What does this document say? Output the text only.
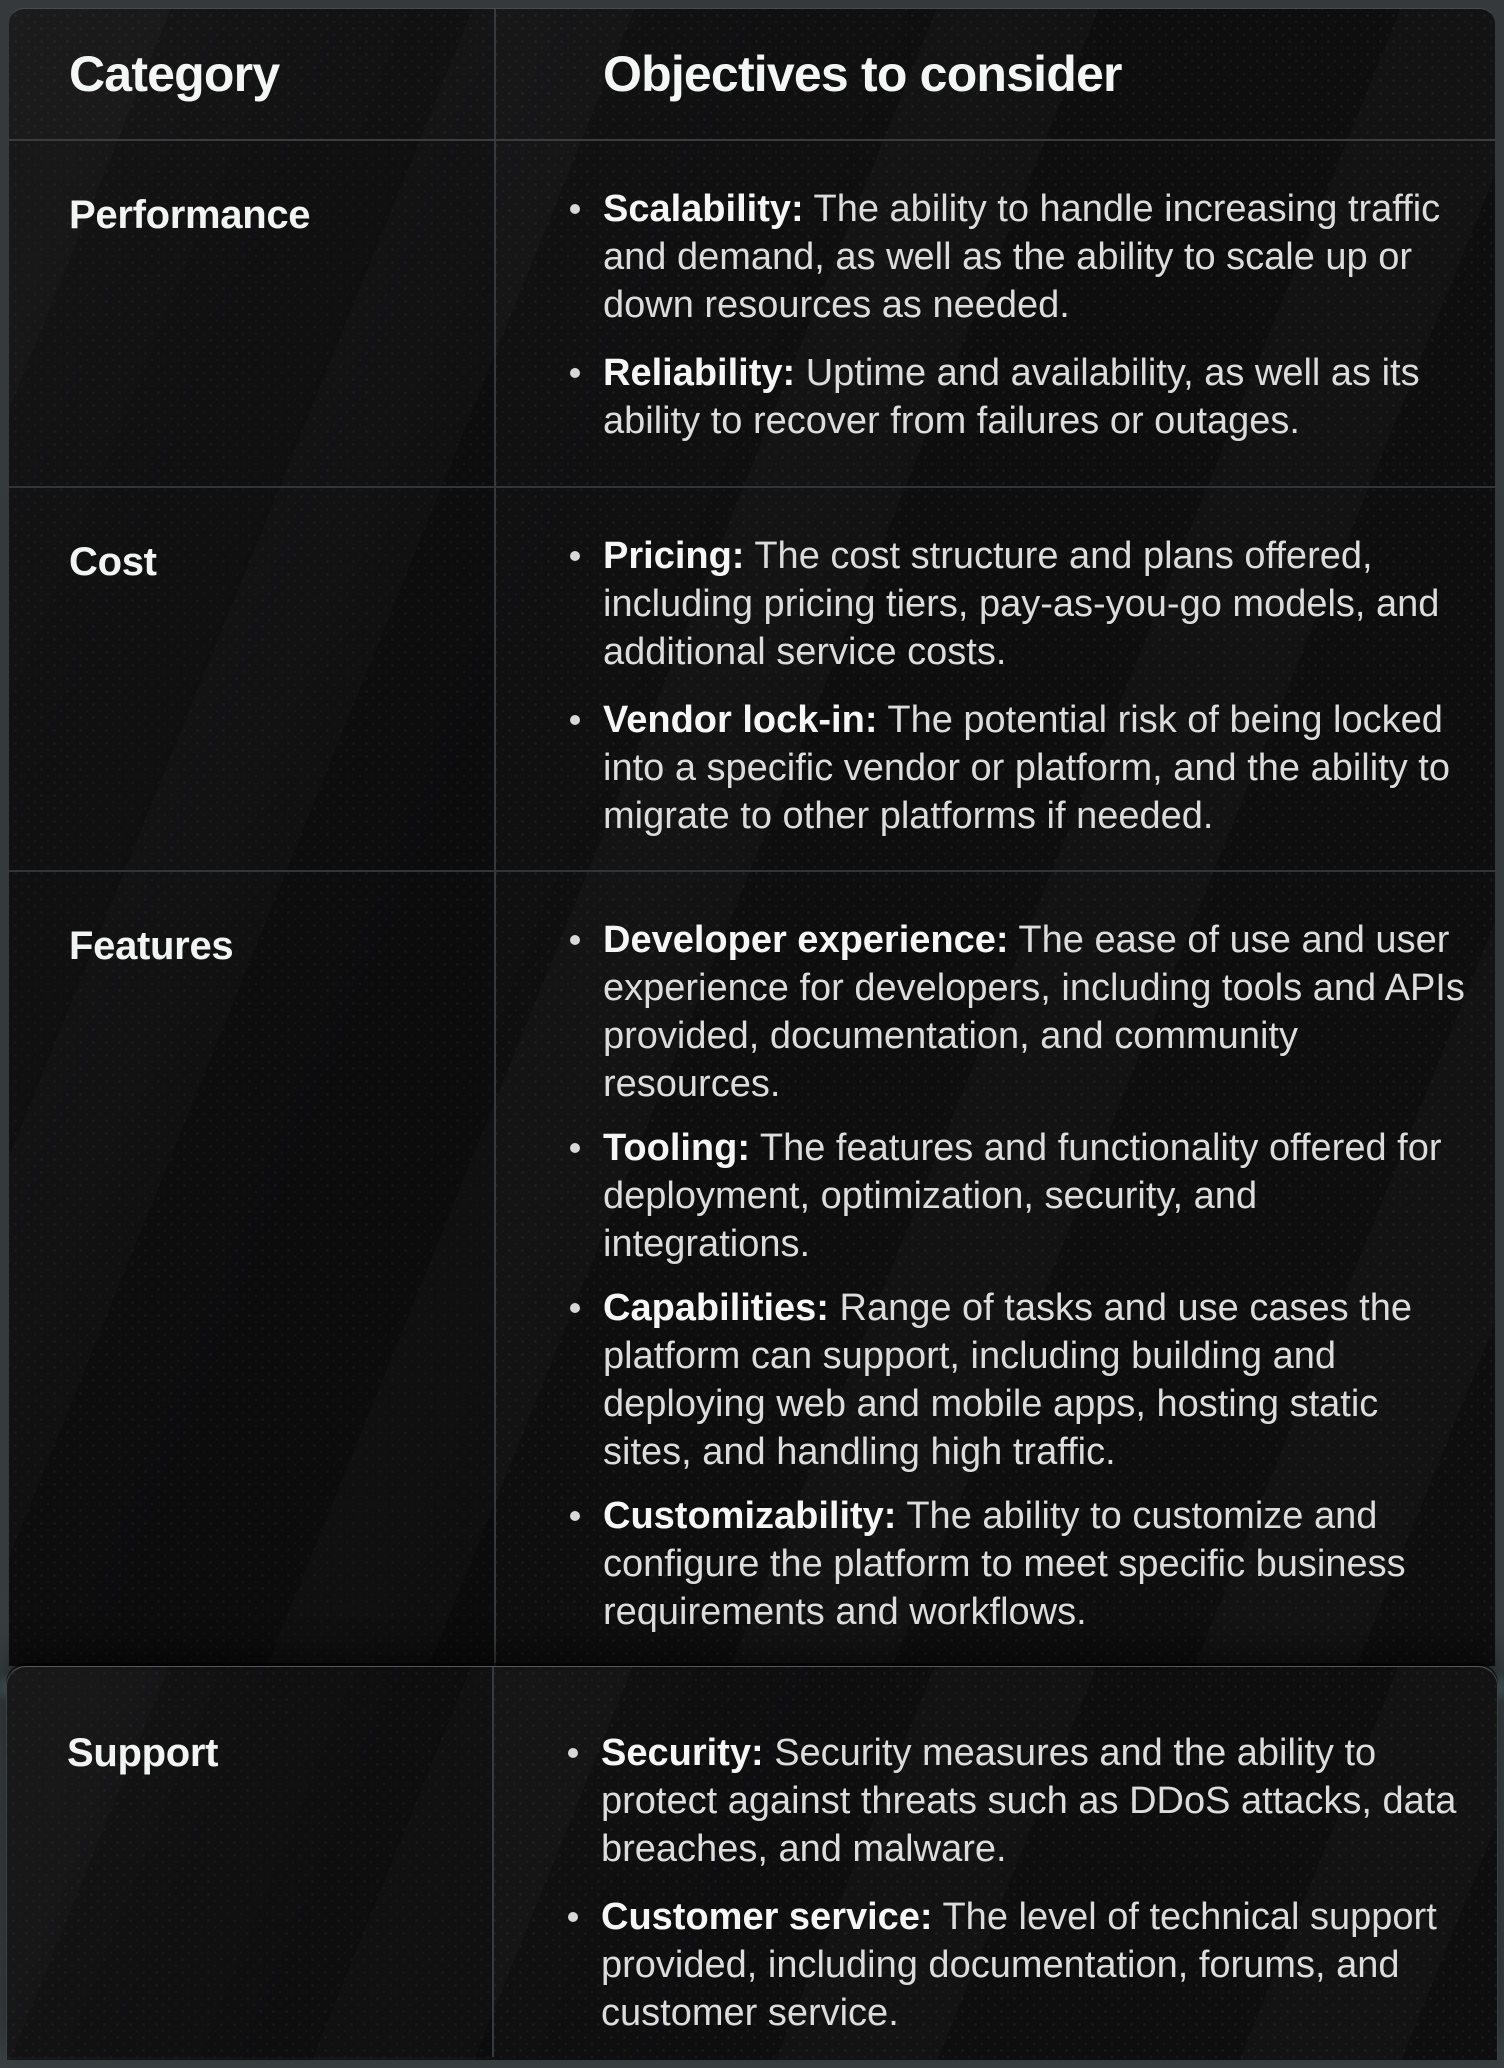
Category	Objectives to consider
Performance	Scalability: The ability to handle increasing traffic and demand, as well as the ability to scale up or down resources as needed.

Reliability: Uptime and availability, as well as its ability to recover from failures or outages.

Cost	Pricing: The cost structure and plans offered, including pricing tiers, pay-as-you-go models, and additional service costs.

Vendor lock-in: The potential risk of being locked into a specific vendor or platform, and the ability to migrate to other platforms if needed.

Features	Developer experience: The ease of use and user experience for developers, including tools and APIs provided, documentation, and community resources.

Tooling: The features and functionality offered for deployment, optimization, security, and integrations.

Capabilities: Range of tasks and use cases the platform can support, including building and deploying web and mobile apps, hosting static sites, and handling high traffic.

Customizability: The ability to customize and configure the platform to meet specific business requirements and workflows.

Support	Security: Security measures and the ability to protect against threats such as DDoS attacks, data breaches, and malware.

Customer service: The level of technical support provided, including documentation, forums, and customer service.
